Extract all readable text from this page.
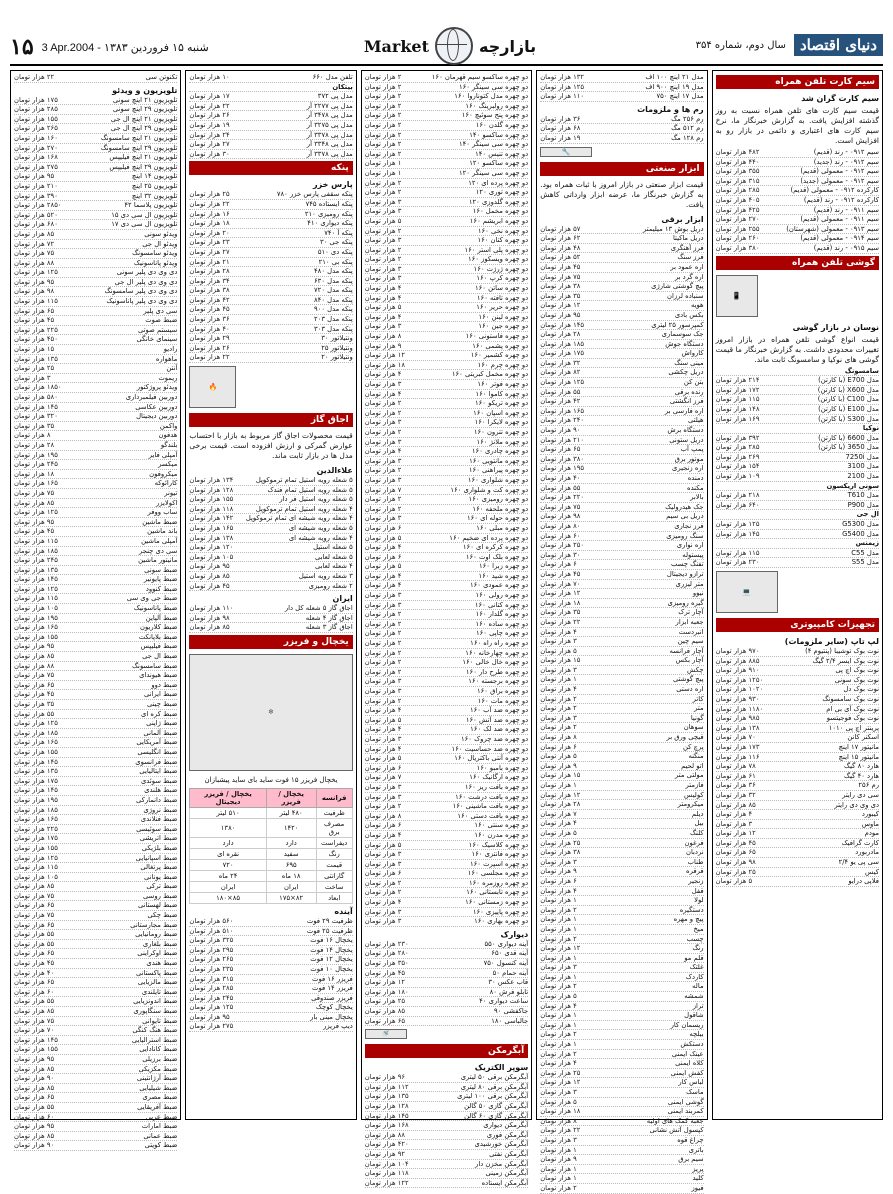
۱۵ 3 Apr.2004 - شنبه ۱۵ فروردین ۱۳۸۳	Market	بازارچه	سال دوم، شماره ۳۵۴ دنیای اقتصاد
سیم کارت تلفن همراه
سیم کارت گران شد
قیمت سیم کارت های تلفن همراه نسبت به روز گذشته افزایش یافت. به گزارش خبرنگار ما، نرخ سیم کارت های اعتباری و دائمی در بازار رو به افزایش است.
۴۸۲ هزار تومان	سیم ۰۹۱۲ - رند (قدیم)
۴۴۰ هزار تومان	سیم ۰۹۱۲ - رند (جدید)
۳۵۵ هزار تومان	سیم ۰۹۱۲ - معمولی (قدیم)
۳۱۵ هزار تومان	سیم ۰۹۱۲ - معمولی (جدید)
۲۸۵ هزار تومان	کارکرده ۰۹۱۲ - معمولی (قدیم)
۴۰۵ هزار تومان	کارکرده ۰۹۱۲ - رند (قدیم)
۴۲۵ هزار تومان	سیم ۰۹۱۱ - رند (قدیم)
۲۷۰ هزار تومان	سیم ۰۹۱۱ - معمولی (قدیم)
۲۵۵ هزار تومان	سیم ۰۹۱۳ - معمولی (شهرستان)
۲۶۰ هزار تومان	سیم ۰۹۱۴ - معمولی (قدیم)
۳۸۰ هزار تومان	سیم ۰۹۱۵ - رند (قدیم)
گوشی تلفن همراه
📱
نوسان در بازار گوشی
قیمت انواع گوشی تلفن همراه در بازار امروز تغییرات محدودی داشت. به گزارش خبرنگار ما قیمت گوشی های نوکیا و سامسونگ ثابت ماند.
سامسونگ
۲۱۴ هزار تومان	مدل E700 (با کارتن)
۱۷۲ هزار تومان	مدل X600 (با کارتن)
۱۱۵ هزار تومان	مدل C100 (با کارتن)
۱۴۸ هزار تومان	مدل E100 (با کارتن)
۱۶۹ هزار تومان	مدل S300 (با کارتن)
نوکیا
۳۹۲ هزار تومان	مدل 6600 (با کارتن)
۲۸۵ هزار تومان	مدل 3650 (با کارتن)
۲۶۹ هزار تومان	مدل 7250i
۱۵۴ هزار تومان	مدل 3100
۱۰۹ هزار تومان	مدل 2100
سونی اریکسون
۲۱۸ هزار تومان	مدل T610
۶۴۰ هزار تومان	مدل P900
ال جی
۱۲۵ هزار تومان	مدل G5300
۱۴۵ هزار تومان	مدل G5400
زیمنس
۱۱۵ هزار تومان	مدل C55
۲۳۰ هزار تومان	مدل S55
💻
تجهیزات کامپیوتری
لپ تاپ (سایر ملزومات)
۹۷۰ هزار تومان	نوت بوک توشیبا (پنتیوم ۴)
۸۸۵ هزار تومان	نوت بوک ایسر ۲/۴ گیگ
۹۱۰ هزار تومان	نوت بوک اچ پی
۱۲۵۰ هزار تومان	نوت بوک سونی
۱۰۲۰ هزار تومان	نوت بوک دل
۹۳۰ هزار تومان	نوت بوک سامسونگ
۱۱۸۰ هزار تومان	نوت بوک آی بی ام
۹۸۵ هزار تومان	نوت بوک فوجیتسو
۱۳۸ هزار تومان	پرینتر اچ پی ۱۰۱۰
۷۰ هزار تومان	اسکنر کانن
۱۷۳ هزار تومان	مانیتور ۱۷ اینچ
۱۱۶ هزار تومان	مانیتور ۱۵ اینچ
۷۸ هزار تومان	هارد ۸۰ گیگ
۶۱ هزار تومان	هارد ۴۰ گیگ
۳۶ هزار تومان	رم ۲۵۶
۳۲ هزار تومان	سی دی رایتر
۸۵ هزار تومان	دی وی دی رایتر
۴ هزار تومان	کیبورد
۳ هزار تومان	ماوس
۱۲ هزار تومان	مودم
۴۵ هزار تومان	کارت گرافیک
۶۵ هزار تومان	مادربورد
۹۸ هزار تومان	سی پی یو ۲/۴
۲۵ هزار تومان	کیس
۵ هزار تومان	فلاپی درایو
۱۳۲ هزار تومان	مدل ۲۱ اینچ ۱۰۰ اف
۱۲۵ هزار تومان	مدل ۱۹ اینچ ۹۰۰ اف
۱۱۰ هزار تومان	مدل ۱۷ اینچ ۷۵۰
رم ها و ملزومات
۳۶ هزار تومان	رم ۲۵۶ مگ
۶۸ هزار تومان	رم ۵۱۲ مگ
۱۹ هزار تومان	رم ۱۲۸ مگ
🔧
ابزار صنعتی
قیمت ابزار صنعتی در بازار امروز با ثبات همراه بود. به گزارش خبرنگار ما، عرضه ابزار وارداتی کاهش یافت.
ابزار برقی
۵۷ هزار تومان	دریل بوش ۱۳ میلیمتر
۶۲ هزار تومان	دریل ماکیتا
۴۸ هزار تومان	فرز آهنگری
۵۲ هزار تومان	فرز سنگ
۴۵ هزار تومان	اره عمود بر
۷۵ هزار تومان	اره گرد بر
۳۸ هزار تومان	پیچ گوشتی شارژی
۳۵ هزار تومان	سنباده لرزان
۱۲ هزار تومان	هویه
۹۵ هزار تومان	بکس بادی
۱۴۵ هزار تومان	کمپرسور ۲۵ لیتری
۲۸ هزار تومان	جک سوسماری
۱۸۵ هزار تومان	دستگاه جوش
۱۷۵ هزار تومان	کارواش
۳۲ هزار تومان	مینی سنگ
۸۲ هزار تومان	دریل چکشی
۱۲۵ هزار تومان	بتن کن
۵۵ هزار تومان	رنده برقی
۴۲ هزار تومان	فرز انگشتی
۱۶۵ هزار تومان	اره فارسی بر
۲۴۰ هزار تومان	هیلتی
۹۰ هزار تومان	دستگاه برش
۲۱۰ هزار تومان	دریل ستونی
۶۵ هزار تومان	پمپ آب
۳۸۰ هزار تومان	موتور برق
۱۹۵ هزار تومان	اره زنجیری
۴۰ هزار تومان	دمنده
۵۵ هزار تومان	مکنده
۲۲۰ هزار تومان	بالابر
۷۵ هزار تومان	جک هیدرولیک
۹۸ هزار تومان	دریل بی سیم
۸۰ هزار تومان	فرز نجاری
۶۰ هزار تومان	سنگ رومیزی
۲۵۰ هزار تومان	اره نواری
۳۰ هزار تومان	پیستوله
۶ هزار تومان	تفنگ چسب
۴۵ هزار تومان	ترازو دیجیتال
۷۰ هزار تومان	متر لیزری
۱۲ هزار تومان	نیوو
۱۸ هزار تومان	گیره رومیزی
۳۵ هزار تومان	آچار ترک
۲۲ هزار تومان	جعبه ابزار
۴ هزار تومان	انبردست
۳ هزار تومان	سیم چین
۵ هزار تومان	آچار فرانسه
۱۵ هزار تومان	آچار بکس
۳ هزار تومان	چکش
۱ هزار تومان	پیچ گوشتی
۴ هزار تومان	اره دستی
۲ هزار تومان	کاتر
۲ هزار تومان	متر
۳ هزار تومان	گونیا
۲ هزار تومان	سوهان
۸ هزار تومان	قیچی ورق بر
۶ هزار تومان	پرچ کن
۵ هزار تومان	منگنه
۹ هزار تومان	اتو لحیم
۱۵ هزار تومان	مولتی متر
۱ هزار تومان	فازمتر
۱۲ هزار تومان	کولیس
۲۸ هزار تومان	میکرومتر
۷ هزار تومان	دیلم
۴ هزار تومان	بیل
۵ هزار تومان	کلنگ
۲۵ هزار تومان	فرغون
۳۸ هزار تومان	نردبان
۳ هزار تومان	طناب
۹ هزار تومان	قرقره
۶ هزار تومان	زنجیر
۴ هزار تومان	قفل
۱ هزار تومان	لولا
۲ هزار تومان	دستگیره
۱ هزار تومان	پیچ و مهره
۱ هزار تومان	میخ
۲ هزار تومان	چسب
۱۲ هزار تومان	رنگ
۱ هزار تومان	قلم مو
۳ هزار تومان	غلتک
۱ هزار تومان	کاردک
۲ هزار تومان	ماله
۵ هزار تومان	شمشه
۴ هزار تومان	تراز
۱ هزار تومان	شاقول
۱ هزار تومان	ریسمان کار
۲ هزار تومان	بیلچه
۱ هزار تومان	دستکش
۲ هزار تومان	عینک ایمنی
۴ هزار تومان	کلاه ایمنی
۲۵ هزار تومان	کفش ایمنی
۱۲ هزار تومان	لباس کار
۳ هزار تومان	ماسک
۵ هزار تومان	گوشی ایمنی
۱۸ هزار تومان	کمربند ایمنی
۸ هزار تومان	جعبه کمک های اولیه
۲۲ هزار تومان	کپسول آتش نشانی
۳ هزار تومان	چراغ قوه
۱ هزار تومان	باتری
۹ هزار تومان	سیم برق
۱ هزار تومان	پریز
۱ هزار تومان	کلید
۲ هزار تومان	فیوز
۲ هزار تومان	دو چهره ساکسو سیم قهرمان ۱۶۰
۲ هزار تومان	دو چهره سی سینگر ۱۶۰
۲ هزار تومان	دو چهره مدل کتوناروا ۱۶۰
۲ هزار تومان	دو چهره رولبرینگ ۱۶۰
۲ هزار تومان	دو چهره پنج سوئیچ ۱۶۰
۲ هزار تومان	دو چهره گلدن ۱۶۰
۲ هزار تومان	دو چهره ساکسو ۱۴۰
۲ هزار تومان	دو چهره سی سینگر ۱۴۰
۲ هزار تومان	دو چهره تنیس ۱۴۰
۱ هزار تومان	دو چهره ساکسو ۱۲۰
۱ هزار تومان	دو چهره سی سینگر ۱۲۰
۲ هزار تومان	دو چهره پرده ای ۱۲۰
۲ هزار تومان	دو چهره توری ۱۲۰
۳ هزار تومان	دو چهره گلدوزی ۱۲۰
۳ هزار تومان	دو چهره مخمل ۱۶۰
۵ هزار تومان	دو چهره ابریشم ۱۶۰
۲ هزار تومان	دو چهره نخی ۱۶۰
۳ هزار تومان	دو چهره کتان ۱۶۰
۲ هزار تومان	دو چهره پلی استر ۱۶۰
۲ هزار تومان	دو چهره ویسکوز ۱۶۰
۳ هزار تومان	دو چهره ژرژت ۱۶۰
۳ هزار تومان	دو چهره کرپ ۱۶۰
۴ هزار تومان	دو چهره ساتن ۱۶۰
۴ هزار تومان	دو چهره تافته ۱۶۰
۵ هزار تومان	دو چهره حریر ۱۶۰
۴ هزار تومان	دو چهره لینن ۱۶۰
۳ هزار تومان	دو چهره جین ۱۶۰
۸ هزار تومان	دو چهره فاستونی ۱۶۰
۹ هزار تومان	دو چهره پشمی ۱۶۰
۱۲ هزار تومان	دو چهره کشمیر ۱۶۰
۱۸ هزار تومان	دو چهره چرم ۱۶۰
۴ هزار تومان	دو چهره مخمل کبریتی ۱۶۰
۳ هزار تومان	دو چهره فوتر ۱۶۰
۴ هزار تومان	دو چهره کاموا ۱۶۰
۲ هزار تومان	دو چهره تریکو ۱۶۰
۲ هزار تومان	دو چهره اسپان ۱۶۰
۳ هزار تومان	دو چهره لایکرا ۱۶۰
۲ هزار تومان	دو چهره تترون ۱۶۰
۳ هزار تومان	دو چهره ملانژ ۱۶۰
۴ هزار تومان	دو چهره چادری ۱۶۰
۳ هزار تومان	دو چهره مانتویی ۱۶۰
۲ هزار تومان	دو چهره پیراهنی ۱۶۰
۳ هزار تومان	دو چهره شلواری ۱۶۰
۷ هزار تومان	دو چهره کت و شلواری ۱۶۰
۲ هزار تومان	دو چهره رومیزی ۱۶۰
۲ هزار تومان	دو چهره ملحفه ۱۶۰
۳ هزار تومان	دو چهره حوله ای ۱۶۰
۶ هزار تومان	دو چهره مبلی ۱۶۰
۵ هزار تومان	دو چهره پرده ای ضخیم ۱۶۰
۴ هزار تومان	دو چهره کرکره ای ۱۶۰
۶ هزار تومان	دو چهره بلک اوت ۱۶۰
۵ هزار تومان	دو چهره زبرا ۱۶۰
۴ هزار تومان	دو چهره شید ۱۶۰
۴ هزار تومان	دو چهره عمودی ۱۶۰
۳ هزار تومان	دو چهره رولی ۱۶۰
۳ هزار تومان	دو چهره کتانی ۱۶۰
۲ هزار تومان	دو چهره گلدار ۱۶۰
۲ هزار تومان	دو چهره ساده ۱۶۰
۲ هزار تومان	دو چهره چاپی ۱۶۰
۲ هزار تومان	دو چهره راه راه ۱۶۰
۲ هزار تومان	دو چهره چهارخانه ۱۶۰
۲ هزار تومان	دو چهره خال خالی ۱۶۰
۲ هزار تومان	دو چهره طرح دار ۱۶۰
۳ هزار تومان	دو چهره برجسته ۱۶۰
۳ هزار تومان	دو چهره براق ۱۶۰
۲ هزار تومان	دو چهره مات ۱۶۰
۴ هزار تومان	دو چهره ضد آب ۱۶۰
۵ هزار تومان	دو چهره ضد آتش ۱۶۰
۴ هزار تومان	دو چهره ضد لک ۱۶۰
۳ هزار تومان	دو چهره ضد چروک ۱۶۰
۴ هزار تومان	دو چهره ضد حساسیت ۱۶۰
۵ هزار تومان	دو چهره آنتی باکتریال ۱۶۰
۶ هزار تومان	دو چهره بامبو ۱۶۰
۷ هزار تومان	دو چهره ارگانیک ۱۶۰
۳ هزار تومان	دو چهره بافت ریز ۱۶۰
۳ هزار تومان	دو چهره بافت درشت ۱۶۰
۲ هزار تومان	دو چهره بافت ماشینی ۱۶۰
۸ هزار تومان	دو چهره بافت دستی ۱۶۰
۶ هزار تومان	دو چهره سنتی ۱۶۰
۴ هزار تومان	دو چهره مدرن ۱۶۰
۵ هزار تومان	دو چهره کلاسیک ۱۶۰
۳ هزار تومان	دو چهره فانتزی ۱۶۰
۳ هزار تومان	دو چهره اسپرت ۱۶۰
۶ هزار تومان	دو چهره مجلسی ۱۶۰
۲ هزار تومان	دو چهره روزمره ۱۶۰
۲ هزار تومان	دو چهره تابستانی ۱۶۰
۴ هزار تومان	دو چهره زمستانی ۱۶۰
۳ هزار تومان	دو چهره پاییزی ۱۶۰
۳ هزار تومان	دو چهره بهاری ۱۶۰
دیوارک
۲۳۰ هزار تومان	آینه دیواری ۵۵۰
۲۸۰ هزار تومان	آینه قدی ۶۵۰
۳۵۰ هزار تومان	آینه کنسول ۷۵۰
۴۵ هزار تومان	آینه حمام ۵۰
۱۲ هزار تومان	قاب عکس ۳۰
۱۸۰ هزار تومان	تابلو فرش ۸۰
۲۵ هزار تومان	ساعت دیواری ۴۰
۸۵ هزار تومان	جاکفشی ۹۰
۶۵ هزار تومان	جالباسی ۱۸۰
🚿
آبگرمکن
سوپر الکتریک
۹۶ هزار تومان	آبگرمکن برقی ۵۰ لیتری
۱۱۲ هزار تومان	آبگرمکن برقی ۸۰ لیتری
۱۳۵ هزار تومان	آبگرمکن برقی ۱۰۰ لیتری
۱۲۸ هزار تومان	آبگرمکن گازی ۵۰ گالن
۱۴۵ هزار تومان	آبگرمکن گازی ۶۰ گالن
۱۶۸ هزار تومان	آبگرمکن دیواری
۸۸ هزار تومان	آبگرمکن فوری
۴۲۰ هزار تومان	آبگرمکن خورشیدی
۹۲ هزار تومان	آبگرمکن نفتی
۱۰۴ هزار تومان	آبگرمکن مخزن دار
۱۱۸ هزار تومان	آبگرمکن زمینی
۱۲۲ هزار تومان	آبگرمکن ایستاده
۱۰ هزار تومان	تلفن مدل ۶۶۰
بیتکان
۱۷ هزار تومان	مدل پی ۳۷۲
۲۲ هزار تومان	مدل پی ۲۲۷۷ آر
۲۶ هزار تومان	مدل پی ۳۴۷۸ آر
۱۹ هزار تومان	مدل پی ۳۲۷۵ آر
۲۴ هزار تومان	مدل پی ۳۳۷۸ آر
۲۷ هزار تومان	مدل پی ۳۳۴۸ آر
۳۰ هزار تومان	مدل پی ۳۳۷۸ آر
پنکه
پارس خزر
۲۵ هزار تومان	پنکه سقفی پارس خزر ۷۸۰
۲۲ هزار تومان	پنکه ایستاده ۷۴۵
۱۶ هزار تومان	پنکه رومیزی ۲۱۰
۱۸ هزار تومان	پنکه دیواری ۴۱۰
۲۰ هزار تومان	پنکه آ ۷۴۰
۲۳ هزار تومان	پنکه جی ۳۰
۲۷ هزار تومان	پنکه دی ۵۱۰
۲۱ هزار تومان	پنکه بی ۲۱۰
۲۸ هزار تومان	پنکه مدل ۴۸۰
۳۴ هزار تومان	پنکه مدل ۶۳۰
۳۸ هزار تومان	پنکه مدل ۷۲۰
۴۲ هزار تومان	پنکه مدل ۸۴۰
۴۵ هزار تومان	پنکه مدل ۹۰۰
۳۶ هزار تومان	پنکه مدل ۲۰۳
۴۰ هزار تومان	پنکه مدل ۳۰۳
۲۹ هزار تومان	ونتیلاتور ۳۰
۲۶ هزار تومان	ونتیلاتور ۲۵
۲۲ هزار تومان	ونتیلاتور ۲۰
🔥
اجاق گاز
قیمت محصولات اجاق گاز مربوط به بازار با احتساب عوارض گمرکی و ارزش افزوده است. قیمت برخی مدل ها در بازار ثابت ماند.
علاءالدین
۱۳۴ هزار تومان	۵ شعله رویه استیل تمام ترموکوپل
۱۲۸ هزار تومان	۵ شعله رویه استیل تمام فندک
۱۵۵ هزار تومان	۵ شعله رویه استیل فر دار
۱۱۸ هزار تومان	۴ شعله رویه استیل تمام ترموکوپل
۱۴۲ هزار تومان ۴ شعله رویه شیشه ای تمام ترموکوپل
۱۶۵ هزار تومان	۵ شعله رویه شیشه ای
۱۳۸ هزار تومان	۴ شعله رویه شیشه ای
۱۲۰ هزار تومان	۵ شعله استیل
۱۰۵ هزار تومان	۵ شعله لعابی
۹۵ هزار تومان	۴ شعله لعابی
۸۵ هزار تومان	۳ شعله رویه استیل
۴۵ هزار تومان	۲ شعله رومیزی
ایران
۱۱۰ هزار تومان	اجاق گاز ۵ شعله کل دار
۹۸ هزار تومان	اجاق گاز ۴ شعله
۸۵ هزار تومان	اجاق گاز ۳ شعله
یخچال و فریزر
❄
یخچال فریزر ۱۵ فوت ساید بای ساید پیشبازان
فرانسه	یخچال / فریزر	یخچال / فریزر دیجیتال
ظرفیت	۴۸۰ لیتر	۵۱۰ لیتر
مصرف برق	۱۴۲۰	۱۳۸۰
دیفراست	دارد	دارد
رنگ	سفید	نقره ای
قیمت	۶۹۵	۷۲۰
گارانتی	۱۸ ماه	۲۴ ماه
ساخت	ایران	ایران
ابعاد	۸۲×۱۷۵	۸۵×۱۸۰
آینده
۵۶۰ هزار تومان	ظرفیت ۲۹ فوت
۵۱۰ هزار تومان	ظرفیت ۲۵ فوت
۳۲۵ هزار تومان	یخچال ۱۶ فوت
۲۹۵ هزار تومان	یخچال ۱۴ فوت
۲۶۵ هزار تومان	یخچال ۱۲ فوت
۲۳۵ هزار تومان	یخچال ۱۰ فوت
۳۱۵ هزار تومان	فریزر ۱۶ فوت
۲۸۵ هزار تومان	فریزر ۱۴ فوت
۲۴۵ هزار تومان	فریزر صندوقی
۱۲۵ هزار تومان	یخچال کوچک
۹۵ هزار تومان	یخچال مینی بار
۲۷۵ هزار تومان	دیپ فریزر
۲۲ هزار تومان	تکنوتن سی
تلویزیون و ویدئو
۱۷۵ هزار تومان	تلویزیون ۲۱ اینچ سونی
۲۸۵ هزار تومان	تلویزیون ۲۹ اینچ سونی
۱۵۵ هزار تومان	تلویزیون ۲۱ اینچ ال جی
۲۶۵ هزار تومان	تلویزیون ۲۹ اینچ ال جی
۱۶۰ هزار تومان	تلویزیون ۲۱ اینچ سامسونگ
۲۷۰ هزار تومان	تلویزیون ۲۹ اینچ سامسونگ
۱۶۸ هزار تومان	تلویزیون ۲۱ اینچ فیلیپس
۲۷۵ هزار تومان	تلویزیون ۲۹ اینچ فیلیپس
۹۵ هزار تومان	تلویزیون ۱۴ اینچ
۲۱۰ هزار تومان	تلویزیون ۲۵ اینچ
۳۹۰ هزار تومان	تلویزیون ۳۲ اینچ
۲۸۵۰ هزار تومان	تلویزیون پلاسما ۴۲
۵۲۰ هزار تومان	تلویزیون ال سی دی ۱۵
۶۸۰ هزار تومان	تلویزیون ال سی دی ۱۷
۸۵ هزار تومان	ویدئو سونی
۷۲ هزار تومان	ویدئو ال جی
۷۵ هزار تومان	ویدئو سامسونگ
۸۸ هزار تومان	ویدئو پاناسونیک
۱۲۵ هزار تومان	دی وی دی پلیر سونی
۹۵ هزار تومان	دی وی دی پلیر ال جی
۹۸ هزار تومان	دی وی دی پلیر سامسونگ
۱۱۵ هزار تومان	دی وی دی پلیر پاناسونیک
۶۵ هزار تومان	سی دی پلیر
۴۵ هزار تومان	ضبط صوت
۲۲۵ هزار تومان	سیستم صوتی
۴۵۰ هزار تومان	سینمای خانگی
۱۵ هزار تومان	رادیو
۱۳۵ هزار تومان	ماهواره
۲۵ هزار تومان	آنتن
۳ هزار تومان	ریموت
۱۸۵۰ هزار تومان	ویدئو پروژکتور
۵۸۰ هزار تومان	دوربین فیلمبرداری
۱۴۵ هزار تومان	دوربین عکاسی
۳۲۰ هزار تومان	دوربین دیجیتال
۳۵ هزار تومان	واکمن
۸ هزار تومان	هدفون
۲۸ هزار تومان	بلندگو
۱۹۵ هزار تومان	آمپلی فایر
۲۴۵ هزار تومان	میکسر
۱۸ هزار تومان	میکروفون
۱۶۵ هزار تومان	کارائوکه
۷۵ هزار تومان	تیونر
۸۵ هزار تومان	اکولایزر
۱۲۵ هزار تومان	ساب ووفر
۹۵ هزار تومان	ضبط ماشین
۴۵ هزار تومان	باند ماشین
۱۱۵ هزار تومان	آمپلی ماشین
۱۸۵ هزار تومان	سی دی چنجر
۲۴۵ هزار تومان	مانیتور ماشین
۱۳۵ هزار تومان	ضبط سونی
۱۴۵ هزار تومان	ضبط پایونیر
۱۲۵ هزار تومان	ضبط کنوود
۱۱۵ هزار تومان	ضبط جی وی سی
۱۰۵ هزار تومان	ضبط پاناسونیک
۱۹۵ هزار تومان	ضبط آلپاین
۱۶۵ هزار تومان	ضبط کلاریون
۱۵۵ هزار تومان	ضبط بلاپانکت
۹۵ هزار تومان	ضبط فیلیپس
۸۵ هزار تومان	ضبط ال جی
۸۸ هزار تومان	ضبط سامسونگ
۷۵ هزار تومان	ضبط هیوندای
۶۵ هزار تومان	ضبط دوو
۴۵ هزار تومان	ضبط ایرانی
۳۵ هزار تومان	ضبط چینی
۵۵ هزار تومان	ضبط کره ای
۱۲۵ هزار تومان	ضبط ژاپنی
۱۸۵ هزار تومان	ضبط آلمانی
۱۶۵ هزار تومان	ضبط آمریکایی
۱۵۵ هزار تومان	ضبط انگلیسی
۱۴۵ هزار تومان	ضبط فرانسوی
۱۳۵ هزار تومان	ضبط ایتالیایی
۱۷۵ هزار تومان	ضبط سوئدی
۱۴۵ هزار تومان	ضبط هلندی
۱۹۵ هزار تومان	ضبط دانمارکی
۱۸۵ هزار تومان	ضبط نروژی
۱۶۵ هزار تومان	ضبط فنلاندی
۲۲۵ هزار تومان	ضبط سوئیسی
۱۷۵ هزار تومان	ضبط اتریشی
۱۵۵ هزار تومان	ضبط بلژیکی
۱۲۵ هزار تومان	ضبط اسپانیایی
۱۱۵ هزار تومان	ضبط پرتغالی
۱۰۵ هزار تومان	ضبط یونانی
۸۵ هزار تومان	ضبط ترکی
۷۵ هزار تومان	ضبط روسی
۶۵ هزار تومان	ضبط لهستانی
۷۵ هزار تومان	ضبط چکی
۶۵ هزار تومان	ضبط مجارستانی
۵۵ هزار تومان	ضبط رومانیایی
۵۵ هزار تومان	ضبط بلغاری
۶۵ هزار تومان	ضبط اوکراینی
۴۵ هزار تومان	ضبط هندی
۴۰ هزار تومان	ضبط پاکستانی
۶۵ هزار تومان	ضبط مالزیایی
۶۰ هزار تومان	ضبط تایلندی
۵۵ هزار تومان	ضبط اندونزیایی
۸۵ هزار تومان	ضبط سنگاپوری
۷۵ هزار تومان	ضبط تایوانی
۷۰ هزار تومان	ضبط هنگ کنگی
۱۴۵ هزار تومان	ضبط استرالیایی
۱۵۵ هزار تومان	ضبط کانادایی
۹۵ هزار تومان	ضبط برزیلی
۸۵ هزار تومان	ضبط مکزیکی
۹۰ هزار تومان	ضبط آرژانتینی
۸۵ هزار تومان	ضبط شیلیایی
۶۵ هزار تومان	ضبط مصری
۵۵ هزار تومان	ضبط آفریقایی
۶۰ هزار تومان	ضبط عربی
۹۵ هزار تومان	ضبط امارات
۸۵ هزار تومان	ضبط عمانی
۹۰ هزار تومان	ضبط کویتی
